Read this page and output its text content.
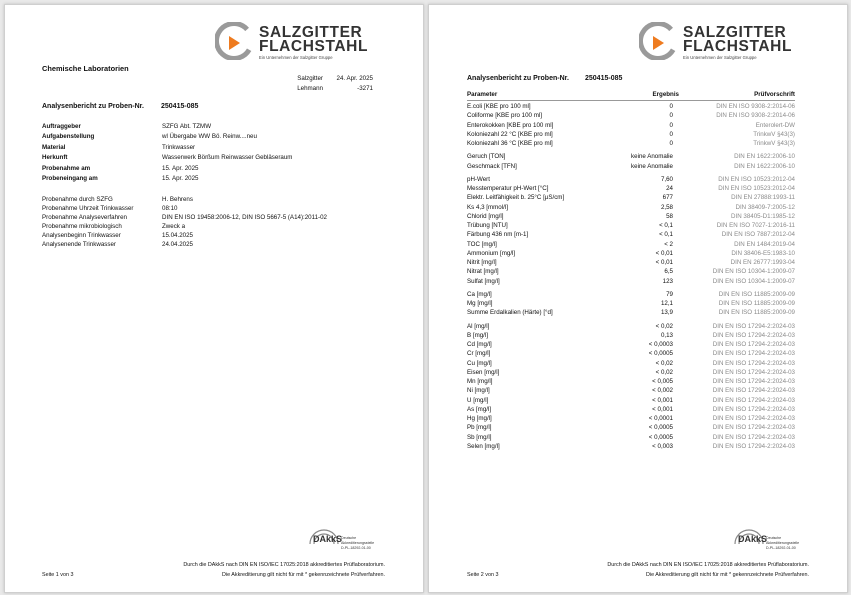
SALZGITTER
FLACHSTAHL
Ein Unternehmen der Salzgitter Gruppe
Chemische Laboratorien
Salzgitter	24. Apr. 2025
Lehmann	-3271
Analysenbericht zu Proben-Nr. 250415-085
Auftraggeber	SZFG Abt. TZMW
Aufgabenstellung	wl Übergabe WW Bö. Reinw....neu
Material	Trinkwasser
Herkunft	Wasserwerk Börßum Reinwasser Gebläseraum
Probenahme am	15. Apr. 2025
Probeneingang am	15. Apr. 2025
Probenahme durch SZFG	H. Behrens
Probenahme Uhrzeit Trinkwasser	08:10
Probenahme Analyseverfahren	DIN EN ISO 19458:2006-12, DIN ISO 5667-5 (A14):2011-02
Probenahme mikrobiologisch	Zweck a
Analysenbeginn Trinkwasser	15.04.2025
Analysenende Trinkwasser	24.04.2025
DAkkS
Deutsche
Akkreditierungsstelle
D-PL-18292-01-00
Durch die DAkkS nach DIN EN ISO/IEC 17025:2018 akkreditiertes Prüflaboratorium.
Seite 1 von 3	Die Akkreditierung gilt nicht für mit * gekennzeichnete Prüfverfahren.
SALZGITTER
FLACHSTAHL
Ein Unternehmen der Salzgitter Gruppe
Analysenbericht zu Proben-Nr. 250415-085
Parameter	Ergebnis	Prüfvorschrift
E.coli [KBE pro 100 ml]	0	DIN EN ISO 9308-2:2014-06
Coliforme [KBE pro 100 ml]	0	DIN EN ISO 9308-2:2014-06
Enterokokken [KBE pro 100 ml]	0	Enterolert-DW
Koloniezahl 22 °C [KBE pro ml]	0	TrinkwV §43(3)
Koloniezahl 36 °C [KBE pro ml]	0	TrinkwV §43(3)
Geruch [TON]	keine Anomalie	DIN EN 1622:2006-10
Geschmack [TFN]	keine Anomalie	DIN EN 1622:2006-10
pH-Wert	7,60	DIN EN ISO 10523:2012-04
Messtemperatur pH-Wert [°C]	24	DIN EN ISO 10523:2012-04
Elektr. Leitfähigkeit b. 25°C [µS/cm]	677	DIN EN 27888:1993-11
Ks 4,3 [mmol/l]	2,58	DIN 38409-7:2005-12
Chlorid [mg/l]	58	DIN 38405-D1:1985-12
Trübung [NTU]	< 0,1	DIN EN ISO 7027-1:2016-11
Färbung 436 nm [m-1]	< 0,1	DIN EN ISO 7887:2012-04
TOC [mg/l]	< 2	DIN EN 1484:2019-04
Ammonium [mg/l]	< 0,01	DIN 38406-E5:1983-10
Nitrit [mg/l]	< 0,01	DIN EN 26777:1993-04
Nitrat [mg/l]	6,5	DIN EN ISO 10304-1:2009-07
Sulfat [mg/l]	123	DIN EN ISO 10304-1:2009-07
Ca [mg/l]	79	DIN EN ISO 11885:2009-09
Mg [mg/l]	12,1	DIN EN ISO 11885:2009-09
Summe Erdalkalien (Härte) [°d]	13,9	DIN EN ISO 11885:2009-09
Al [mg/l]	< 0,02	DIN EN ISO 17294-2:2024-03
B [mg/l]	0,13	DIN EN ISO 17294-2:2024-03
Cd [mg/l]	< 0,0003	DIN EN ISO 17294-2:2024-03
Cr [mg/l]	< 0,0005	DIN EN ISO 17294-2:2024-03
Cu [mg/l]	< 0,02	DIN EN ISO 17294-2:2024-03
Eisen [mg/l]	< 0,02	DIN EN ISO 17294-2:2024-03
Mn [mg/l]	< 0,005	DIN EN ISO 17294-2:2024-03
Ni [mg/l]	< 0,002	DIN EN ISO 17294-2:2024-03
U [mg/l]	< 0,001	DIN EN ISO 17294-2:2024-03
As [mg/l]	< 0,001	DIN EN ISO 17294-2:2024-03
Hg [mg/l]	< 0,0001	DIN EN ISO 17294-2:2024-03
Pb [mg/l]	< 0,0005	DIN EN ISO 17294-2:2024-03
Sb [mg/l]	< 0,0005	DIN EN ISO 17294-2:2024-03
Selen [mg/l]	< 0,003	DIN EN ISO 17294-2:2024-03
DAkkS
Deutsche
Akkreditierungsstelle
D-PL-18292-01-00
Durch die DAkkS nach DIN EN ISO/IEC 17025:2018 akkreditiertes Prüflaboratorium.
Seite 2 von 3	Die Akkreditierung gilt nicht für mit * gekennzeichnete Prüfverfahren.
